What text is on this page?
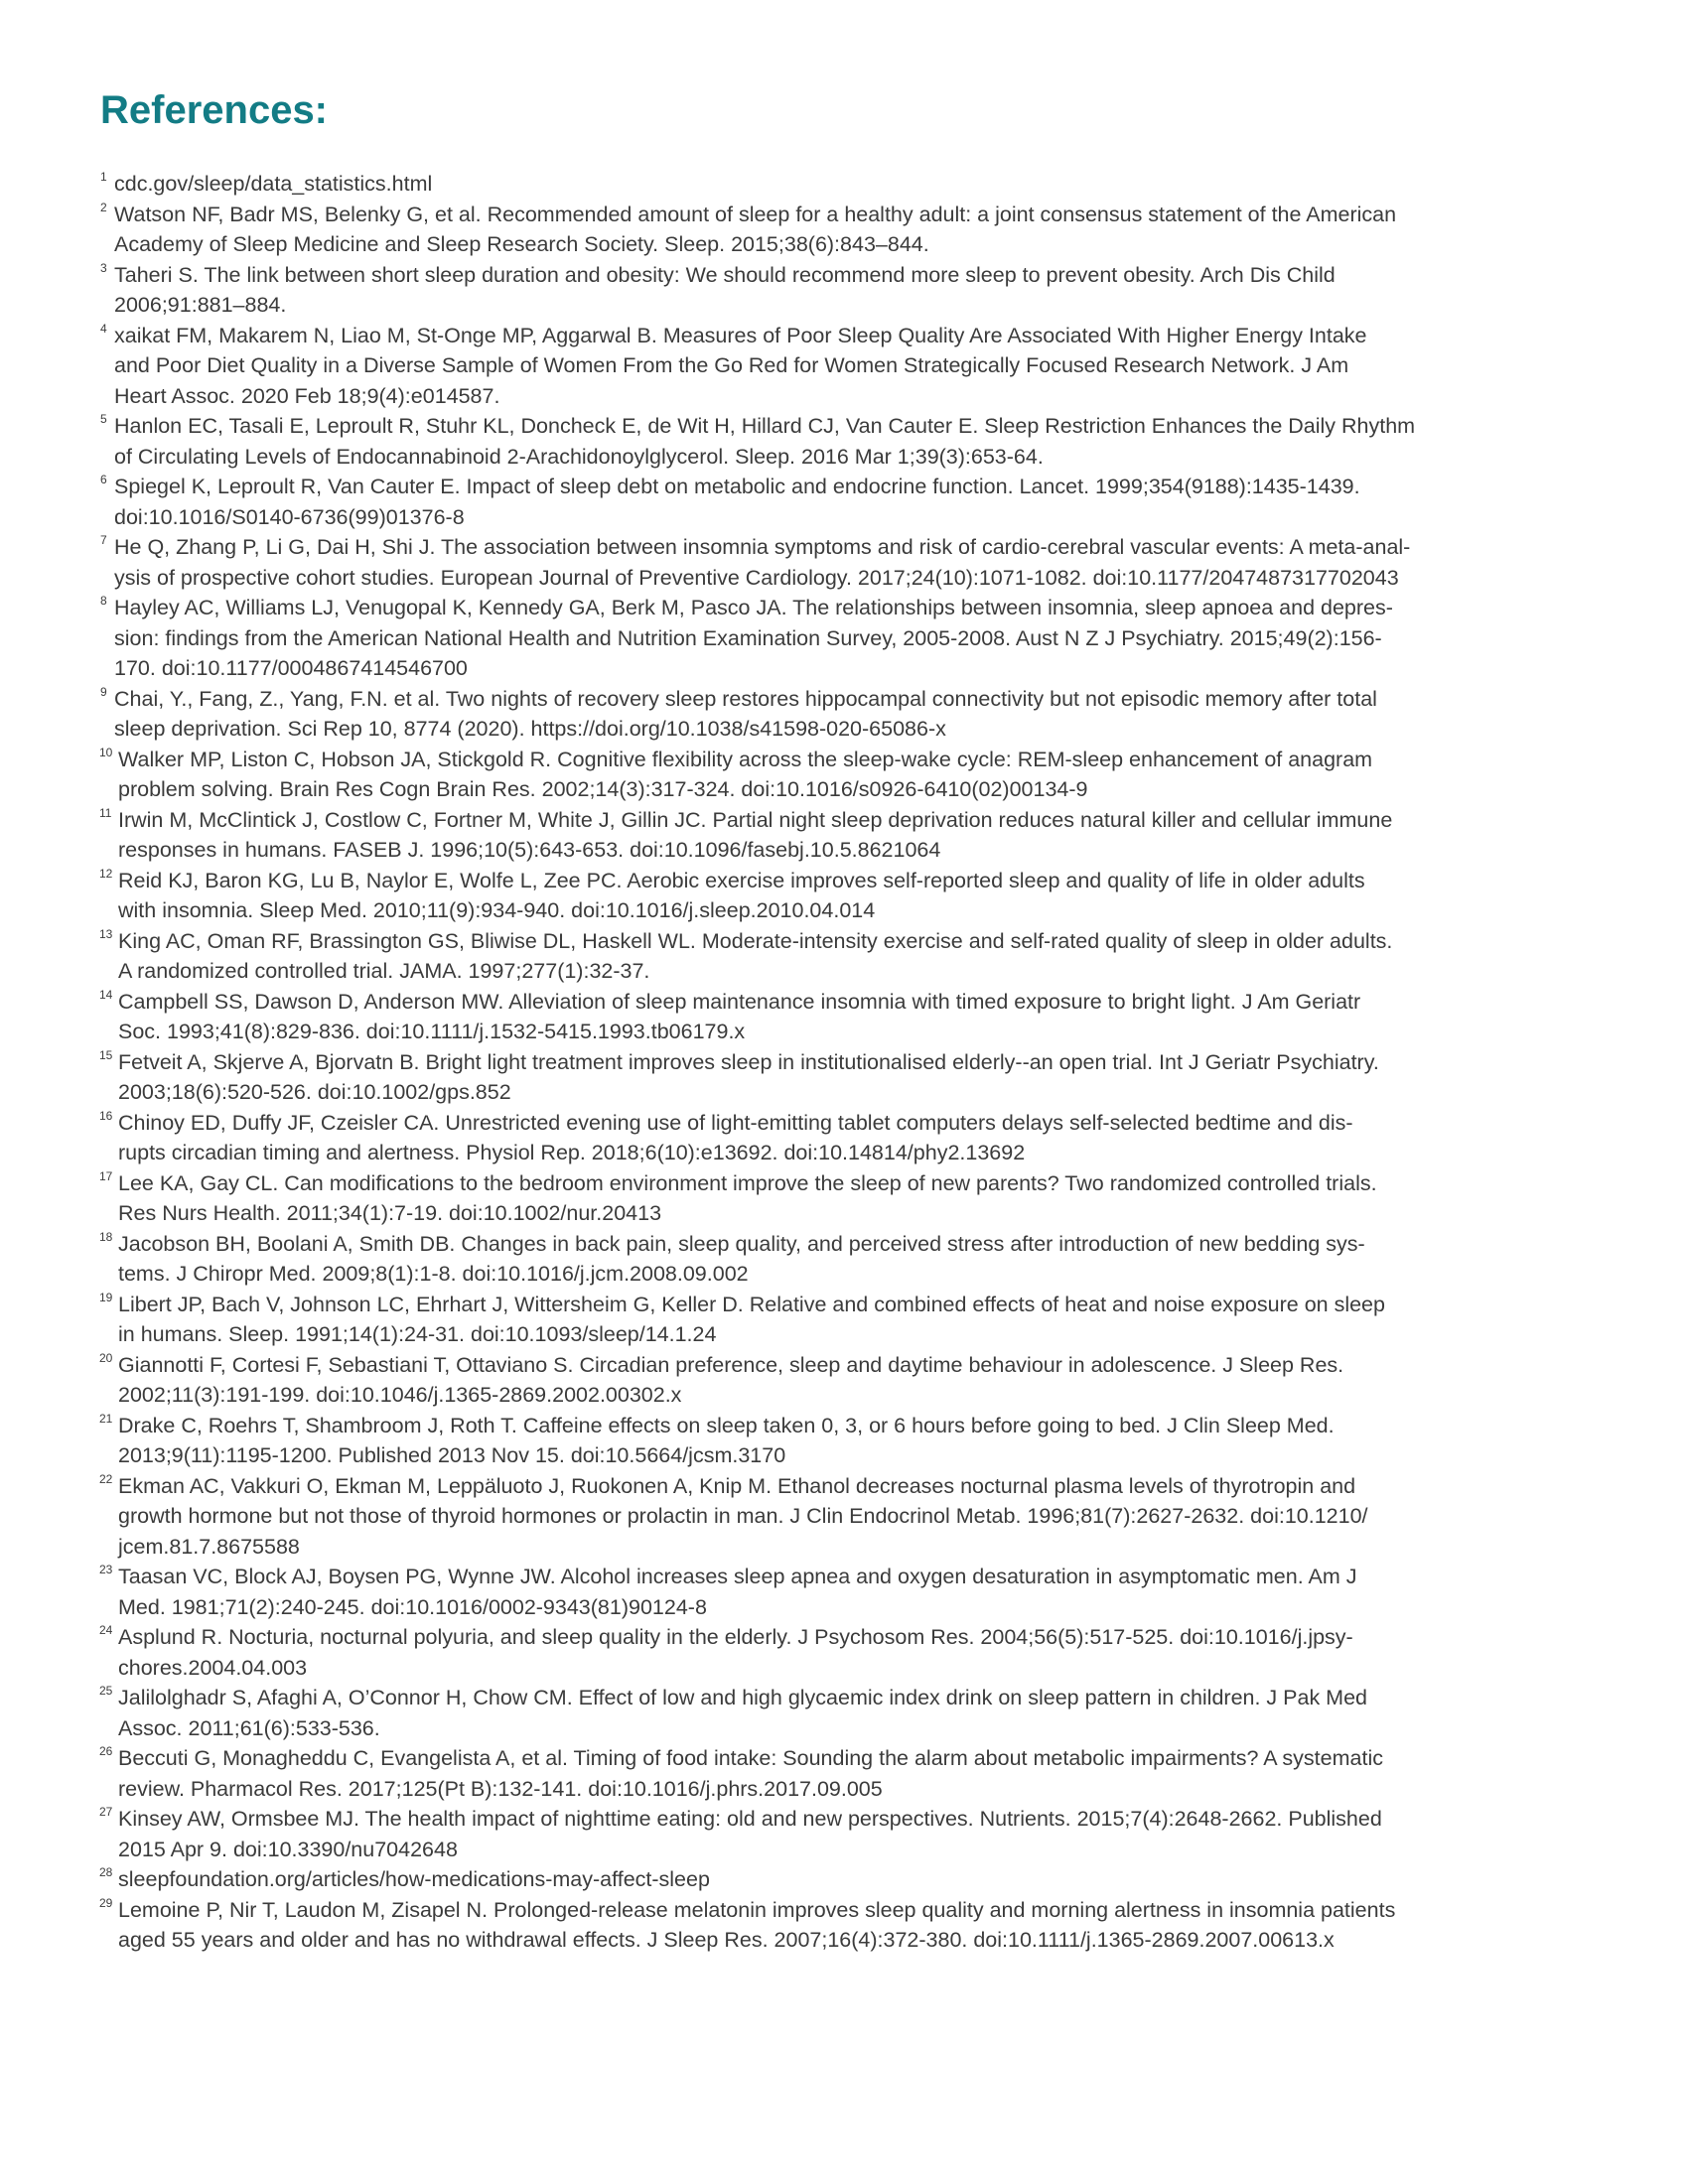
References:
1 cdc.gov/sleep/data_statistics.html
2 Watson NF, Badr MS, Belenky G, et al. Recommended amount of sleep for a healthy adult: a joint consensus statement of the American
Academy of Sleep Medicine and Sleep Research Society. Sleep. 2015;38(6):843–844.
3 Taheri S. The link between short sleep duration and obesity: We should recommend more sleep to prevent obesity. Arch Dis Child
2006;91:881–884.
4 xaikat FM, Makarem N, Liao M, St-Onge MP, Aggarwal B. Measures of Poor Sleep Quality Are Associated With Higher Energy Intake
and Poor Diet Quality in a Diverse Sample of Women From the Go Red for Women Strategically Focused Research Network. J Am
Heart Assoc. 2020 Feb 18;9(4):e014587.
5 Hanlon EC, Tasali E, Leproult R, Stuhr KL, Doncheck E, de Wit H, Hillard CJ, Van Cauter E. Sleep Restriction Enhances the Daily Rhythm
of Circulating Levels of Endocannabinoid 2-Arachidonoylglycerol. Sleep. 2016 Mar 1;39(3):653-64.
6 Spiegel K, Leproult R, Van Cauter E. Impact of sleep debt on metabolic and endocrine function. Lancet. 1999;354(9188):1435-1439.
doi:10.1016/S0140-6736(99)01376-8
7 He Q, Zhang P, Li G, Dai H, Shi J. The association between insomnia symptoms and risk of cardio-cerebral vascular events: A meta-anal-
ysis of prospective cohort studies. European Journal of Preventive Cardiology. 2017;24(10):1071-1082. doi:10.1177/2047487317702043
8 Hayley AC, Williams LJ, Venugopal K, Kennedy GA, Berk M, Pasco JA. The relationships between insomnia, sleep apnoea and depres-
sion: findings from the American National Health and Nutrition Examination Survey, 2005-2008. Aust N Z J Psychiatry. 2015;49(2):156-
170. doi:10.1177/0004867414546700
9 Chai, Y., Fang, Z., Yang, F.N. et al. Two nights of recovery sleep restores hippocampal connectivity but not episodic memory after total
sleep deprivation. Sci Rep 10, 8774 (2020). https://doi.org/10.1038/s41598-020-65086-x
10 Walker MP, Liston C, Hobson JA, Stickgold R. Cognitive flexibility across the sleep-wake cycle: REM-sleep enhancement of anagram
problem solving. Brain Res Cogn Brain Res. 2002;14(3):317-324. doi:10.1016/s0926-6410(02)00134-9
11 Irwin M, McClintick J, Costlow C, Fortner M, White J, Gillin JC. Partial night sleep deprivation reduces natural killer and cellular immune
responses in humans. FASEB J. 1996;10(5):643-653. doi:10.1096/fasebj.10.5.8621064
12 Reid KJ, Baron KG, Lu B, Naylor E, Wolfe L, Zee PC. Aerobic exercise improves self-reported sleep and quality of life in older adults
with insomnia. Sleep Med. 2010;11(9):934-940. doi:10.1016/j.sleep.2010.04.014
13 King AC, Oman RF, Brassington GS, Bliwise DL, Haskell WL. Moderate-intensity exercise and self-rated quality of sleep in older adults.
A randomized controlled trial. JAMA. 1997;277(1):32-37.
14 Campbell SS, Dawson D, Anderson MW. Alleviation of sleep maintenance insomnia with timed exposure to bright light. J Am Geriatr
Soc. 1993;41(8):829-836. doi:10.1111/j.1532-5415.1993.tb06179.x
15 Fetveit A, Skjerve A, Bjorvatn B. Bright light treatment improves sleep in institutionalised elderly--an open trial. Int J Geriatr Psychiatry.
2003;18(6):520-526. doi:10.1002/gps.852
16 Chinoy ED, Duffy JF, Czeisler CA. Unrestricted evening use of light-emitting tablet computers delays self-selected bedtime and dis-
rupts circadian timing and alertness. Physiol Rep. 2018;6(10):e13692. doi:10.14814/phy2.13692
17 Lee KA, Gay CL. Can modifications to the bedroom environment improve the sleep of new parents? Two randomized controlled trials.
Res Nurs Health. 2011;34(1):7-19. doi:10.1002/nur.20413
18 Jacobson BH, Boolani A, Smith DB. Changes in back pain, sleep quality, and perceived stress after introduction of new bedding sys-
tems. J Chiropr Med. 2009;8(1):1-8. doi:10.1016/j.jcm.2008.09.002
19 Libert JP, Bach V, Johnson LC, Ehrhart J, Wittersheim G, Keller D. Relative and combined effects of heat and noise exposure on sleep
in humans. Sleep. 1991;14(1):24-31. doi:10.1093/sleep/14.1.24
20 Giannotti F, Cortesi F, Sebastiani T, Ottaviano S. Circadian preference, sleep and daytime behaviour in adolescence. J Sleep Res.
2002;11(3):191-199. doi:10.1046/j.1365-2869.2002.00302.x
21 Drake C, Roehrs T, Shambroom J, Roth T. Caffeine effects on sleep taken 0, 3, or 6 hours before going to bed. J Clin Sleep Med.
2013;9(11):1195-1200. Published 2013 Nov 15. doi:10.5664/jcsm.3170
22 Ekman AC, Vakkuri O, Ekman M, Leppäluoto J, Ruokonen A, Knip M. Ethanol decreases nocturnal plasma levels of thyrotropin and
growth hormone but not those of thyroid hormones or prolactin in man. J Clin Endocrinol Metab. 1996;81(7):2627-2632. doi:10.1210/
jcem.81.7.8675588
23 Taasan VC, Block AJ, Boysen PG, Wynne JW. Alcohol increases sleep apnea and oxygen desaturation in asymptomatic men. Am J
Med. 1981;71(2):240-245. doi:10.1016/0002-9343(81)90124-8
24 Asplund R. Nocturia, nocturnal polyuria, and sleep quality in the elderly. J Psychosom Res. 2004;56(5):517-525. doi:10.1016/j.jpsy-
chores.2004.04.003
25 Jalilolghadr S, Afaghi A, O’Connor H, Chow CM. Effect of low and high glycaemic index drink on sleep pattern in children. J Pak Med
Assoc. 2011;61(6):533-536.
26 Beccuti G, Monagheddu C, Evangelista A, et al. Timing of food intake: Sounding the alarm about metabolic impairments? A systematic
review. Pharmacol Res. 2017;125(Pt B):132-141. doi:10.1016/j.phrs.2017.09.005
27 Kinsey AW, Ormsbee MJ. The health impact of nighttime eating: old and new perspectives. Nutrients. 2015;7(4):2648-2662. Published
2015 Apr 9. doi:10.3390/nu7042648
28 sleepfoundation.org/articles/how-medications-may-affect-sleep
29 Lemoine P, Nir T, Laudon M, Zisapel N. Prolonged-release melatonin improves sleep quality and morning alertness in insomnia patients
aged 55 years and older and has no withdrawal effects. J Sleep Res. 2007;16(4):372-380. doi:10.1111/j.1365-2869.2007.00613.x
